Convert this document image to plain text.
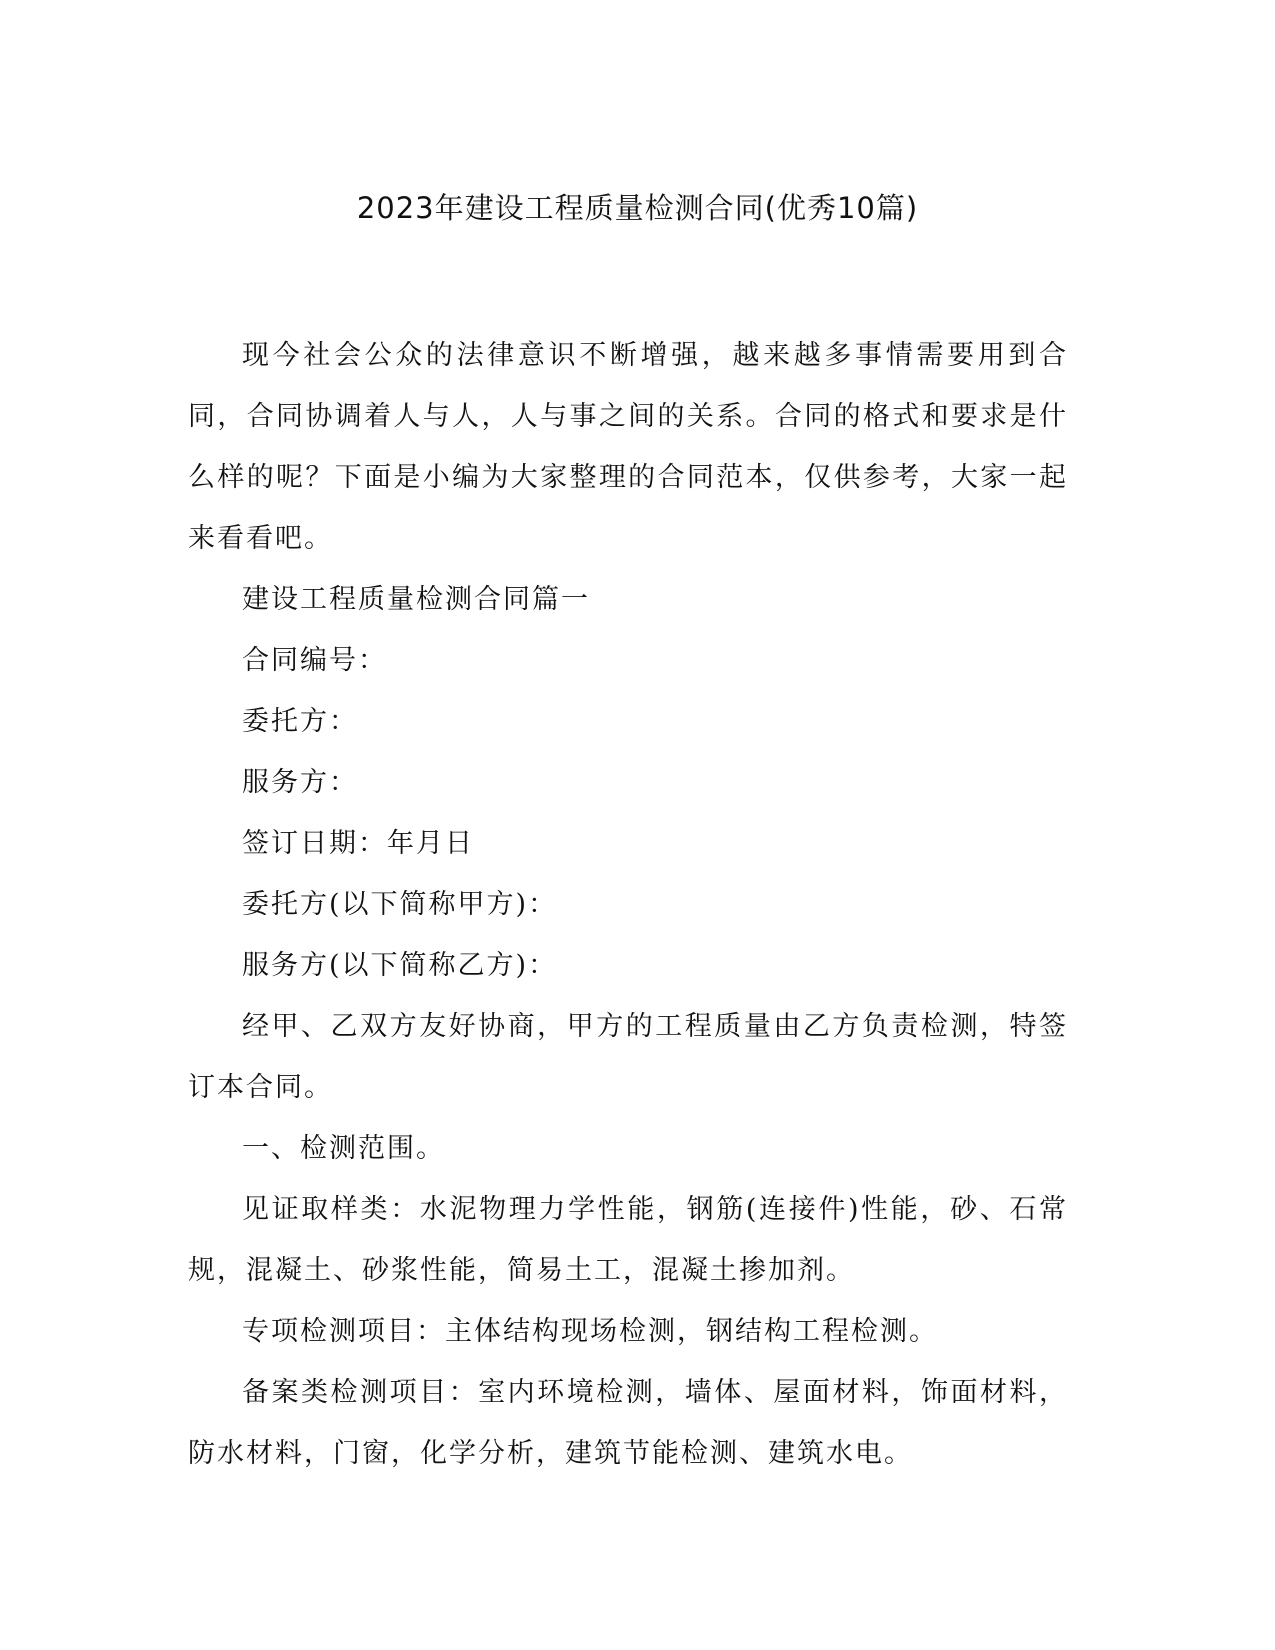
2023年建设工程质量检测合同(优秀10篇)

现今社会公众的法律意识不断增强，越来越多事情需要用到合同，合同协调着人与人，人与事之间的关系。合同的格式和要求是什么样的呢？下面是小编为大家整理的合同范本，仅供参考，大家一起来看看吧。

建设工程质量检测合同篇一

合同编号：

委托方：

服务方：

签订日期：年月日

委托方(以下简称甲方)：

服务方(以下简称乙方)：

经甲、乙双方友好协商，甲方的工程质量由乙方负责检测，特签订本合同。

一、检测范围。

见证取样类：水泥物理力学性能，钢筋(连接件)性能，砂、石常规，混凝土、砂浆性能，简易土工，混凝土掺加剂。

专项检测项目：主体结构现场检测，钢结构工程检测。

备案类检测项目：室内环境检测，墙体、屋面材料，饰面材料，防水材料，门窗，化学分析，建筑节能检测、建筑水电。
